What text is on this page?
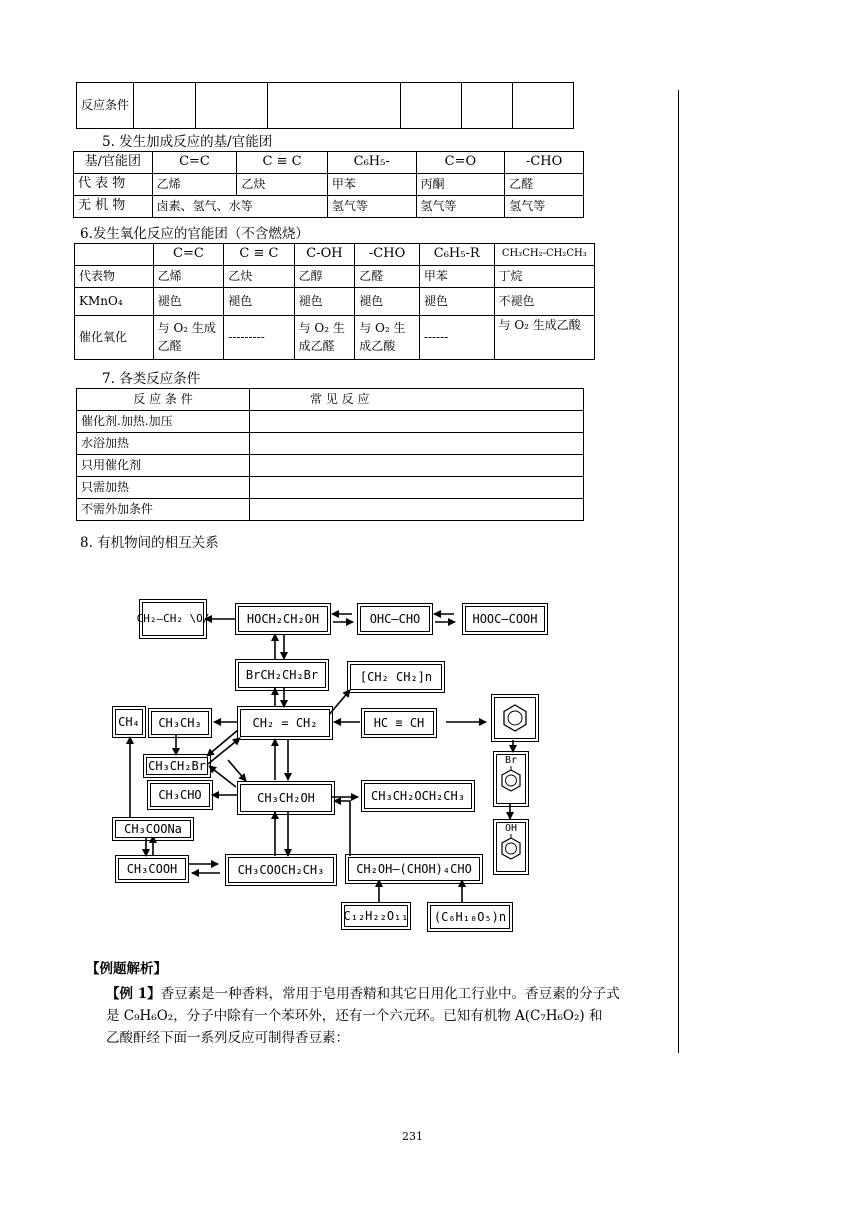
反应条件						
5. 发生加成反应的基/官能团
基/官能团	C=C	C ≡ C	C₆H₅-	C=O	-CHO
代 表 物	乙烯	乙炔	甲苯	丙酮	乙醛
无 机 物	卤素、氢气、水等		氢气等	氢气等	氢气等
6.发生氧化反应的官能团（不含燃烧）
	C=C	C ≡ C	C-OH	-CHO	C₆H₅-R	CH₃CH₂-CH₂CH₃
代表物	乙烯	乙炔	乙醇	乙醛	甲苯	丁烷
KMnO₄	褪色	褪色	褪色	褪色	褪色	不褪色
催化氧化	与 O₂ 生成乙醛	---------	与 O₂ 生成乙醛	与 O₂ 生成乙酸	------	与 O₂ 生成乙酸
7. 各类反应条件
反 应 条 件	常 见 反 应
催化剂.加热.加压	
水浴加热	
只用催化剂	
只需加热	
不需外加条件	
8. 有机物间的相互关系
CH₂–CH₂ \O/	HOCH₂CH₂OH	OHC–CHO	HOOC–COOH
BrCH₂CH₂Br	[CH₂ CH₂]n
CH₄	CH₃CH₃	CH₂ = CH₂	HC ≡ CH
CH₃CH₂Br
CH₃CHO	CH₃CH₂OH	CH₃CH₂OCH₂CH₃
CH₃COONa
CH₃COOH	CH₃COOCH₂CH₃	CH₂OH–(CHOH)₄CHO
C₁₂H₂₂O₁₁	(C₆H₁₀O₅)n
Br
OH
【例题解析】
【例 1】香豆素是一种香料，常用于皂用香精和其它日用化工行业中。香豆素的分子式
是 C₉H₆O₂，分子中除有一个苯环外，还有一个六元环。已知有机物 A(C₇H₆O₂) 和
乙酸酐经下面一系列反应可制得香豆素：
231
